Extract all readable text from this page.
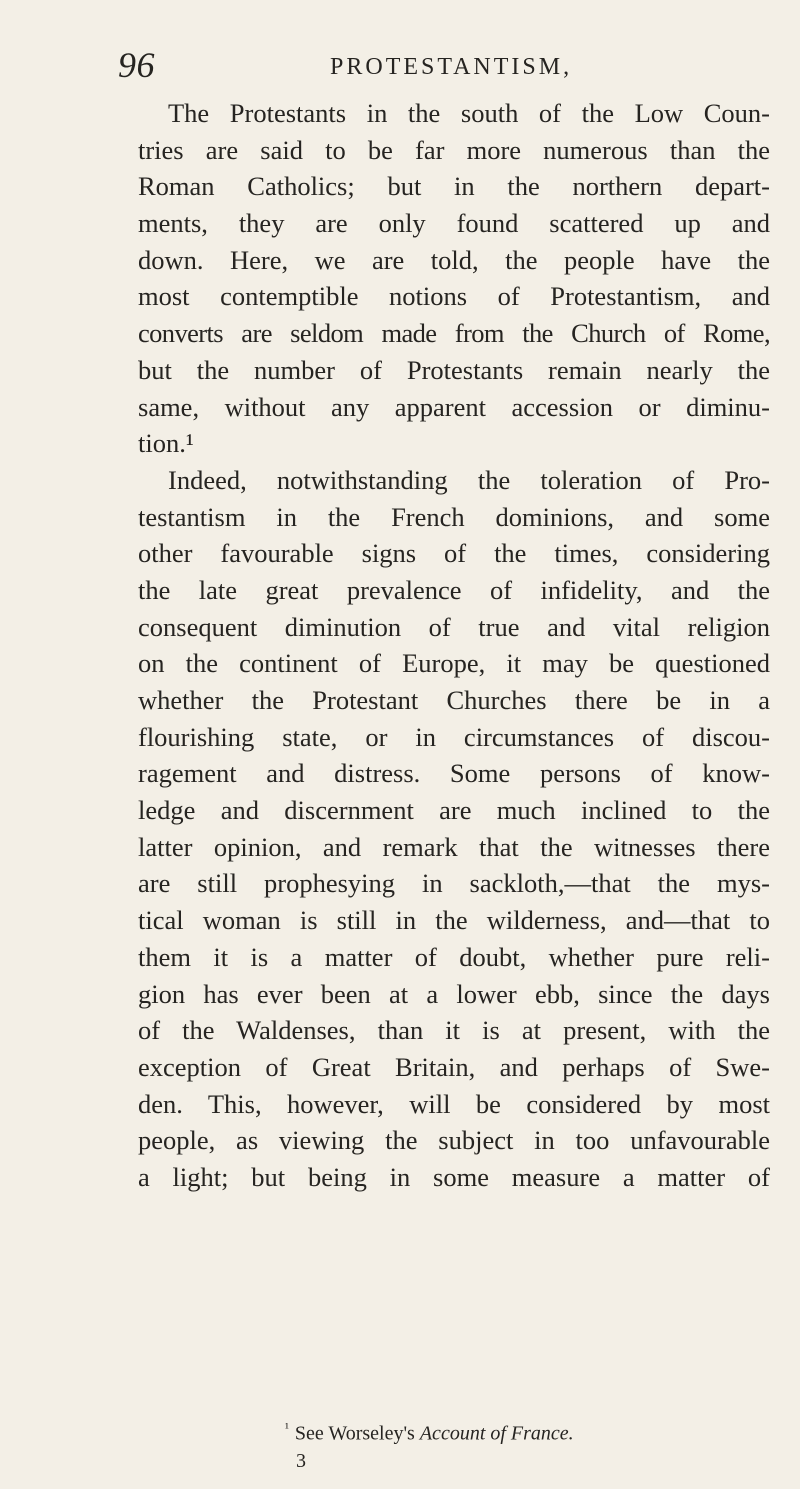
96	PROTESTANTISM,
The Protestants in the south of the Low Coun-
tries are said to be far more numerous than the
Roman Catholics; but in the northern depart-
ments, they are only found scattered up and
down. Here, we are told, the people have the
most contemptible notions of Protestantism, and
converts are seldom made from the Church of Rome,
but the number of Protestants remain nearly the
same, without any apparent accession or diminu-
tion.¹
Indeed, notwithstanding the toleration of Pro-
testantism in the French dominions, and some
other favourable signs of the times, considering
the late great prevalence of infidelity, and the
consequent diminution of true and vital religion
on the continent of Europe, it may be questioned
whether the Protestant Churches there be in a
flourishing state, or in circumstances of discou-
ragement and distress. Some persons of know-
ledge and discernment are much inclined to the
latter opinion, and remark that the witnesses there
are still prophesying in sackloth,—that the mys-
tical woman is still in the wilderness, and—that to
them it is a matter of doubt, whether pure reli-
gion has ever been at a lower ebb, since the days
of the Waldenses, than it is at present, with the
exception of Great Britain, and perhaps of Swe-
den. This, however, will be considered by most
people, as viewing the subject in too unfavourable
a light; but being in some measure a matter of
$^{^1}$ See Worseley's Account of France.
3
